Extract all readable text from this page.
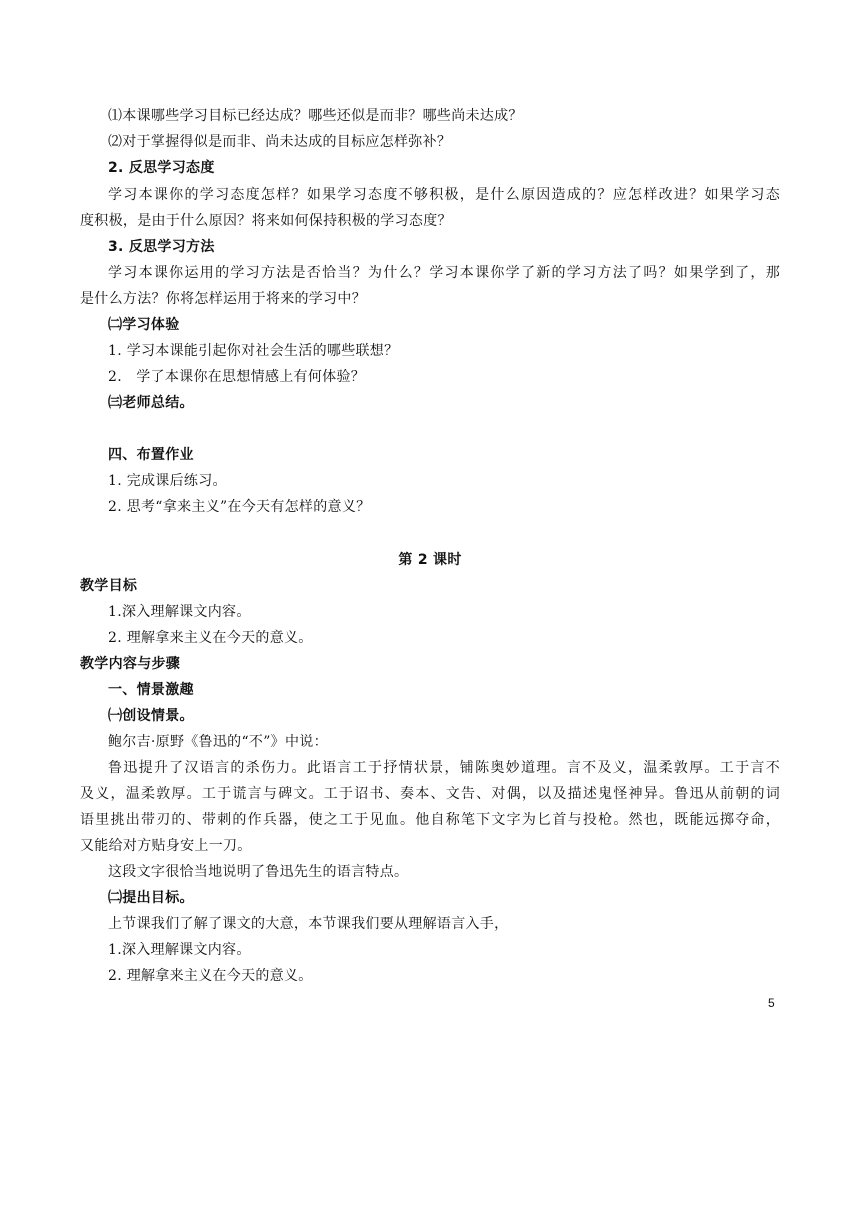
⑴本课哪些学习目标已经达成？哪些还似是而非？哪些尚未达成？
⑵对于掌握得似是而非、尚未达成的目标应怎样弥补？
2. 反思学习态度
学习本课你的学习态度怎样？如果学习态度不够积极，是什么原因造成的？应怎样改进？如果学习态
度积极，是由于什么原因？将来如何保持积极的学习态度？
3. 反思学习方法
学习本课你运用的学习方法是否恰当？为什么？学习本课你学了新的学习方法了吗？如果学到了，那
是什么方法？你将怎样运用于将来的学习中？
㈡学习体验
1. 学习本课能引起你对社会生活的哪些联想？
2.　学了本课你在思想情感上有何体验？
㈢老师总结。
四、布置作业
1. 完成课后练习。
2. 思考“拿来主义”在今天有怎样的意义？
第 2 课时
教学目标
1.深入理解课文内容。
2. 理解拿来主义在今天的意义。
教学内容与步骤
一、情景激趣
㈠创设情景。
鲍尔吉·原野《鲁迅的“不”》中说：
鲁迅提升了汉语言的杀伤力。此语言工于抒情状景，铺陈奥妙道理。言不及义，温柔敦厚。工于言不
及义，温柔敦厚。工于谎言与碑文。工于诏书、奏本、文告、对偶，以及描述鬼怪神异。鲁迅从前朝的词
语里挑出带刃的、带刺的作兵器，使之工于见血。他自称笔下文字为匕首与投枪。然也，既能远掷夺命，
又能给对方贴身安上一刀。
这段文字很恰当地说明了鲁迅先生的语言特点。
㈡提出目标。
上节课我们了解了课文的大意，本节课我们要从理解语言入手，
1.深入理解课文内容。
2. 理解拿来主义在今天的意义。
5
